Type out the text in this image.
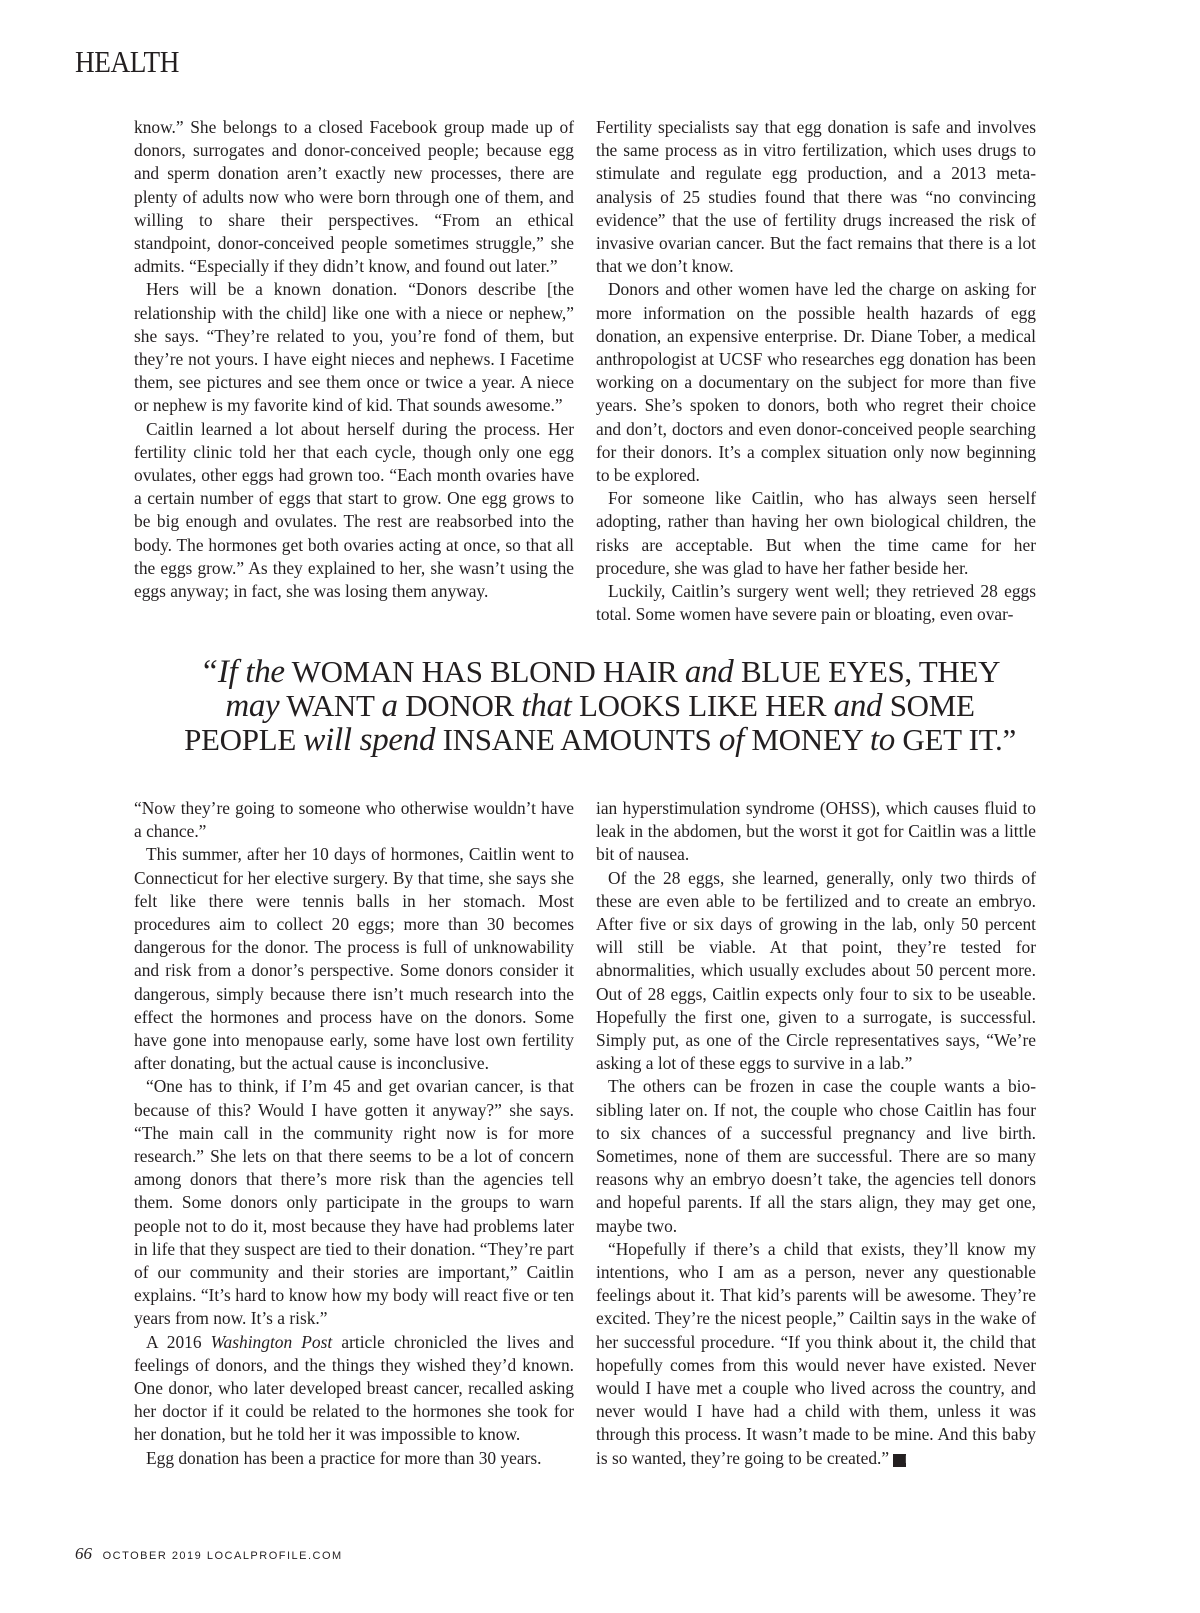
HEALTH

know.” She belongs to a closed Facebook group made up of donors, surrogates and donor-conceived people; because egg and sperm donation aren’t exactly new processes, there are plenty of adults now who were born through one of them, and willing to share their perspectives. “From an ethical standpoint, donor-conceived people sometimes struggle,” she admits. “Especially if they didn’t know, and found out later.”

Hers will be a known donation. “Donors describe [the relationship with the child] like one with a niece or nephew,” she says. “They’re related to you, you’re fond of them, but they’re not yours. I have eight nieces and nephews. I Facetime them, see pictures and see them once or twice a year. A niece or nephew is my favorite kind of kid. That sounds awesome.”

Caitlin learned a lot about herself during the process. Her fertility clinic told her that each cycle, though only one egg ovulates, other eggs had grown too. “Each month ovaries have a certain number of eggs that start to grow. One egg grows to be big enough and ovulates. The rest are reabsorbed into the body. The hormones get both ovaries acting at once, so that all the eggs grow.” As they explained to her, she wasn’t using the eggs anyway; in fact, she was losing them anyway.

Fertility specialists say that egg donation is safe and involves the same process as in vitro fertilization, which uses drugs to stimulate and regulate egg production, and a 2013 meta-analysis of 25 studies found that there was “no convincing evidence” that the use of fertility drugs increased the risk of invasive ovarian cancer. But the fact remains that there is a lot that we don’t know.

Donors and other women have led the charge on asking for more information on the possible health hazards of egg donation, an expensive enterprise. Dr. Diane Tober, a medical anthropologist at UCSF who researches egg donation has been working on a documentary on the subject for more than five years. She’s spoken to donors, both who regret their choice and don’t, doctors and even donor-conceived people searching for their donors. It’s a complex situation only now beginning to be explored.

For someone like Caitlin, who has always seen herself adopting, rather than having her own biological children, the risks are acceptable. But when the time came for her procedure, she was glad to have her father beside her.

Luckily, Caitlin’s surgery went well; they retrieved 28 eggs total. Some women have severe pain or bloating, even ovar-

“If the WOMAN HAS BLOND HAIR and BLUE EYES, THEY
may WANT a DONOR that LOOKS LIKE HER and SOME
PEOPLE will spend INSANE AMOUNTS of MONEY to GET IT.”

“Now they’re going to someone who otherwise wouldn’t have a chance.”

This summer, after her 10 days of hormones, Caitlin went to Connecticut for her elective surgery. By that time, she says she felt like there were tennis balls in her stomach. Most procedures aim to collect 20 eggs; more than 30 becomes dangerous for the donor. The process is full of unknowability and risk from a donor’s perspective. Some donors consider it dangerous, simply because there isn’t much research into the effect the hormones and process have on the donors. Some have gone into menopause early, some have lost own fertility after donating, but the actual cause is inconclusive.

“One has to think, if I’m 45 and get ovarian cancer, is that because of this? Would I have gotten it anyway?” she says. “The main call in the community right now is for more research.” She lets on that there seems to be a lot of concern among donors that there’s more risk than the agencies tell them. Some donors only participate in the groups to warn people not to do it, most because they have had problems later in life that they suspect are tied to their donation. “They’re part of our community and their stories are important,” Caitlin explains. “It’s hard to know how my body will react five or ten years from now. It’s a risk.”

A 2016 Washington Post article chronicled the lives and feelings of donors, and the things they wished they’d known. One donor, who later developed breast cancer, recalled asking her doctor if it could be related to the hormones she took for her donation, but he told her it was impossible to know.

Egg donation has been a practice for more than 30 years.

ian hyperstimulation syndrome (OHSS), which causes fluid to leak in the abdomen, but the worst it got for Caitlin was a little bit of nausea.

Of the 28 eggs, she learned, generally, only two thirds of these are even able to be fertilized and to create an embryo. After five or six days of growing in the lab, only 50 percent will still be viable. At that point, they’re tested for abnormalities, which usually excludes about 50 percent more. Out of 28 eggs, Caitlin expects only four to six to be useable. Hopefully the first one, given to a surrogate, is successful. Simply put, as one of the Circle representatives says, “We’re asking a lot of these eggs to survive in a lab.”

The others can be frozen in case the couple wants a bio-sibling later on. If not, the couple who chose Caitlin has four to six chances of a successful pregnancy and live birth. Sometimes, none of them are successful. There are so many reasons why an embryo doesn’t take, the agencies tell donors and hopeful parents. If all the stars align, they may get one, maybe two.

“Hopefully if there’s a child that exists, they’ll know my intentions, who I am as a person, never any questionable feelings about it. That kid’s parents will be awesome. They’re excited. They’re the nicest people,” Cailtin says in the wake of her successful procedure. “If you think about it, the child that hopefully comes from this would never have existed. Never would I have met a couple who lived across the country, and never would I have had a child with them, unless it was through this process. It wasn’t made to be mine. And this baby is so wanted, they’re going to be created.” L

66 OCTOBER 2019 LOCALPROFILE.COM
